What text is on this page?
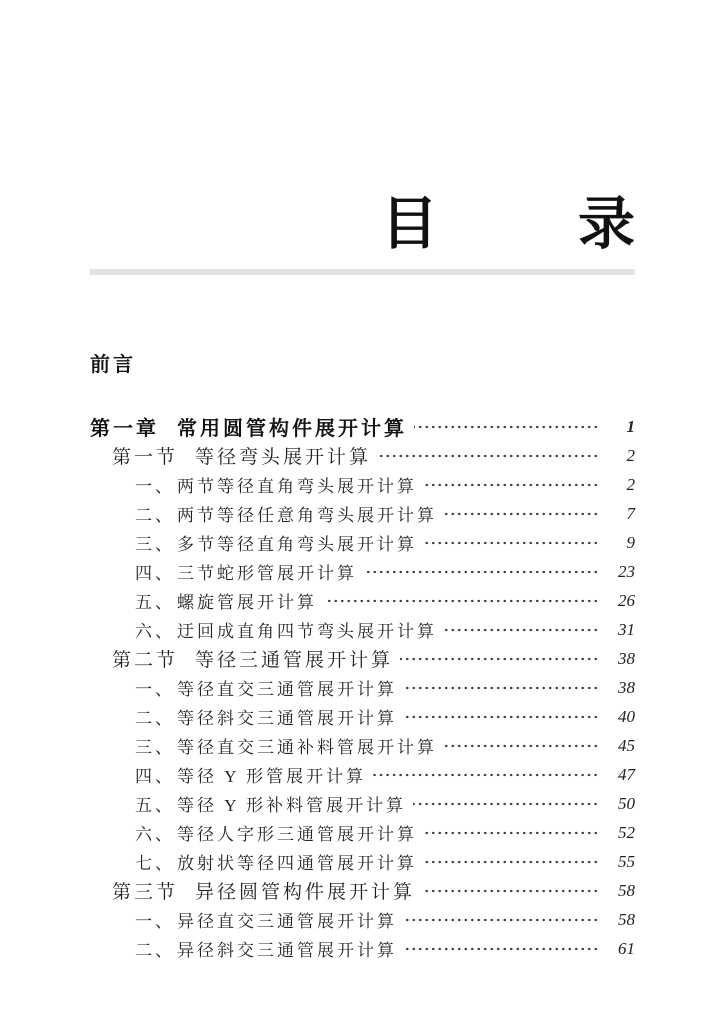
目 录
前言
第一章 常用圆管构件展开计算	1
第一节 等径弯头展开计算	2
一、 两节等径直角弯头展开计算	2
二、 两节等径任意角弯头展开计算	7
三、 多节等径直角弯头展开计算	9
四、 三节蛇形管展开计算	23
五、 螺旋管展开计算	26
六、 迂回成直角四节弯头展开计算	31
第二节 等径三通管展开计算	38
一、 等径直交三通管展开计算	38
二、 等径斜交三通管展开计算	40
三、 等径直交三通补料管展开计算	45
四、 等径 Y 形管展开计算	47
五、 等径 Y 形补料管展开计算	50
六、 等径人字形三通管展开计算	52
七、 放射状等径四通管展开计算	55
第三节 异径圆管构件展开计算	58
一、 异径直交三通管展开计算	58
二、 异径斜交三通管展开计算	61
